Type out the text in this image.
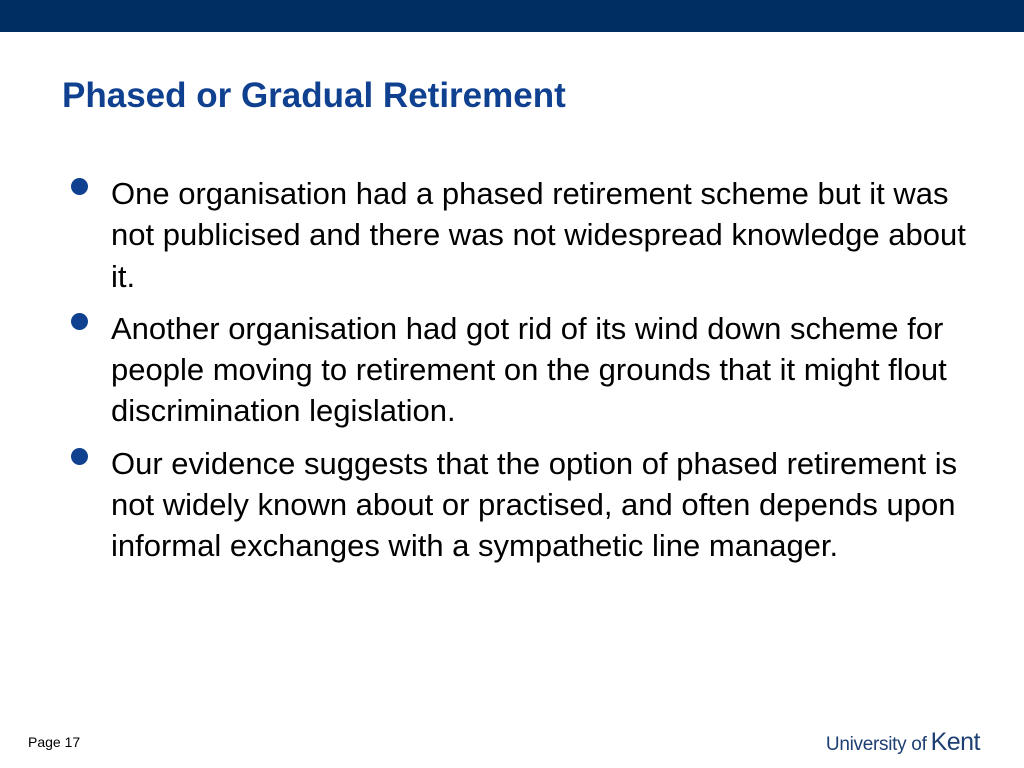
Phased or Gradual Retirement
One organisation had a phased retirement scheme but it was not publicised and there was not widespread knowledge about it.
Another organisation had got rid of its wind down scheme for people moving to retirement on the grounds that it might flout discrimination legislation.
Our evidence suggests that the option of phased retirement is not widely known about or practised, and often depends upon informal exchanges with a sympathetic line manager.
Page 17	University of Kent
